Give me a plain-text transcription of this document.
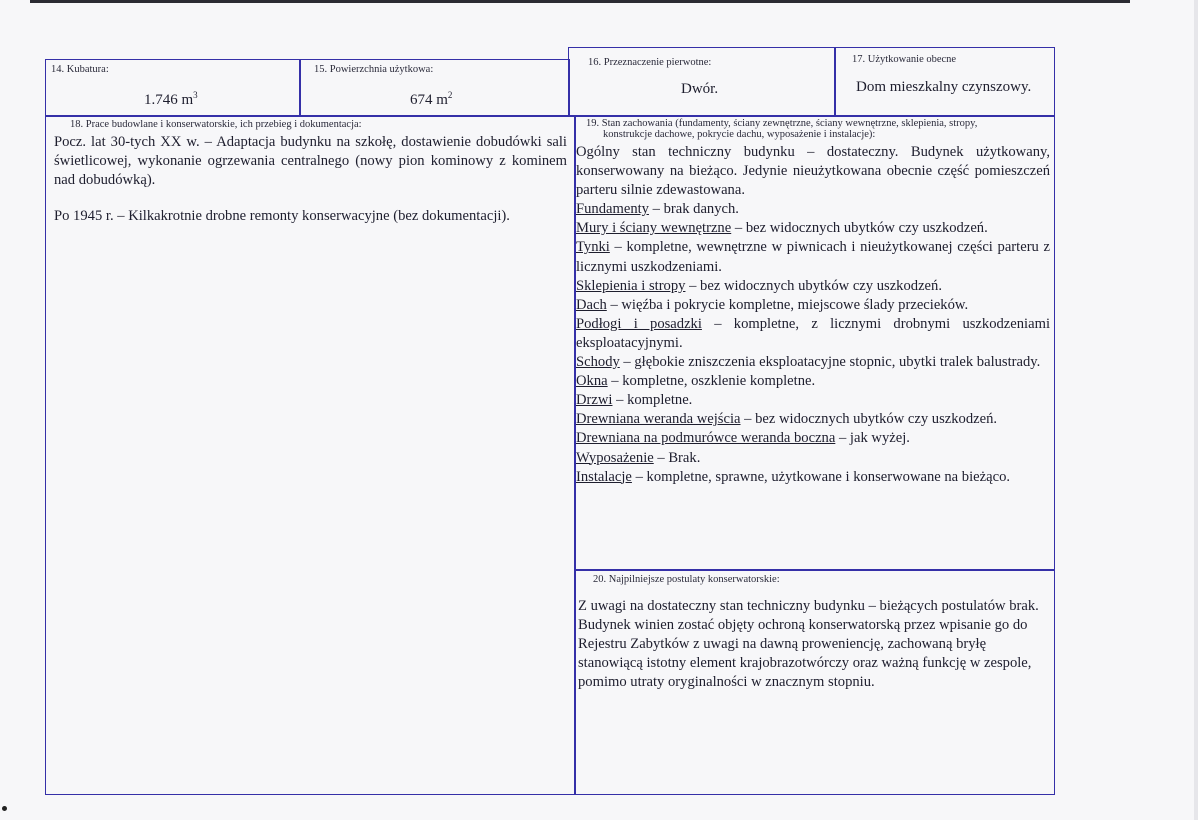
14. Kubatura:
1.746 $m^3$
15. Powierzchnia użytkowa:
674 $m^2$
16. Przeznaczenie pierwotne:
Dwór.
17. Użytkowanie obecne
Dom mieszkalny czynszowy.
18. Prace budowlane i konserwatorskie, ich przebieg i dokumentacja:

Pocz. lat 30-tych XX w. – Adaptacja budynku na szkołę, dostawienie dobudówki sali świetlicowej, wykonanie ogrzewania centralnego (nowy pion kominowy z kominem nad dobudówką).

Po 1945 r. – Kilkakrotnie drobne remonty konserwacyjne (bez dokumentacji).

19. Stan zachowania (fundamenty, ściany zewnętrzne, ściany wewnętrzne, sklepienia, stropy,
konstrukcje dachowe, pokrycie dachu, wyposażenie i instalacje):

Ogólny stan techniczny budynku – dostateczny. Budynek użytkowany, konserwowany na bieżąco. Jedynie nieużytkowana obecnie część pomieszczeń parteru silnie zdewastowana.

Fundamenty – brak danych.

Mury i ściany wewnętrzne – bez widocznych ubytków czy uszkodzeń.

Tynki – kompletne, wewnętrzne w piwnicach i nieużytkowanej części parteru z licznymi uszkodzeniami.

Sklepienia i stropy – bez widocznych ubytków czy uszkodzeń.

Dach – więźba i pokrycie kompletne, miejscowe ślady przecieków.

Podłogi i posadzki – kompletne, z licznymi drobnymi uszkodzeniami eksploatacyjnymi.

Schody – głębokie zniszczenia eksploatacyjne stopnic, ubytki tralek balustrady.

Okna – kompletne, oszklenie kompletne.

Drzwi – kompletne.

Drewniana weranda wejścia – bez widocznych ubytków czy uszkodzeń.

Drewniana na podmurówce weranda boczna – jak wyżej.

Wyposażenie – Brak.

Instalacje – kompletne, sprawne, użytkowane i konserwowane na bieżąco.

20. Najpilniejsze postulaty konserwatorskie:

Z uwagi na dostateczny stan techniczny budynku – bieżących postulatów brak. Budynek winien zostać objęty ochroną konserwatorską przez wpisanie go do Rejestru Zabytków z uwagi na dawną proweniencję, zachowaną bryłę stanowiącą istotny element krajobrazotwórczy oraz ważną funkcję w zespole, pomimo utraty oryginalności w znacznym stopniu.
